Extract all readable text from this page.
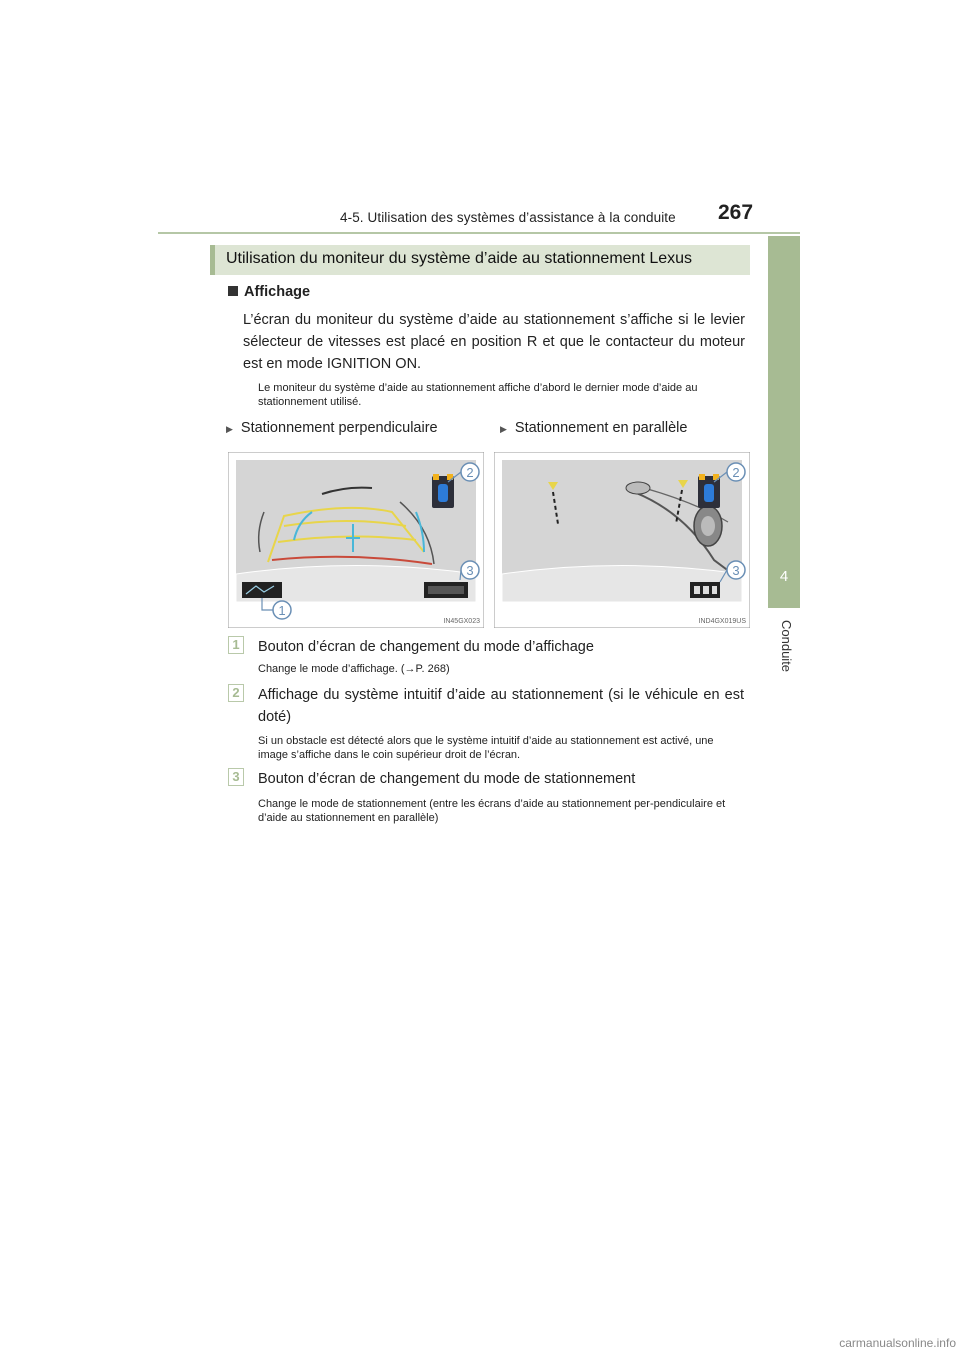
4-5. Utilisation des systèmes d’assistance à la conduite 267
4
Conduite
Utilisation du moniteur du système d’aide au stationnement Lexus
Affichage
L’écran du moniteur du système d’aide au stationnement s’affiche si le levier sélecteur de vitesses est placé en position R et que le contacteur du moteur est en mode IGNITION ON.
Le moniteur du système d’aide au stationnement affiche d’abord le dernier mode d’aide au stationnement utilisé.
▶ Stationnement perpendiculaire	▶ Stationnement en parallèle
2
3
1
IN45GX023
2
3
IND4GX019US
1	Bouton d’écran de changement du mode d’affichage
Change le mode d’affichage. (→P. 268)
2	Affichage du système intuitif d’aide au stationnement (si le véhicule en est doté)
Si un obstacle est détecté alors que le système intuitif d’aide au stationnement est activé, une image s’affiche dans le coin supérieur droit de l’écran.
3	Bouton d’écran de changement du mode de stationnement
Change le mode de stationnement (entre les écrans d’aide au stationnement per-pendiculaire et d’aide au stationnement en parallèle)
carmanualsonline.info
